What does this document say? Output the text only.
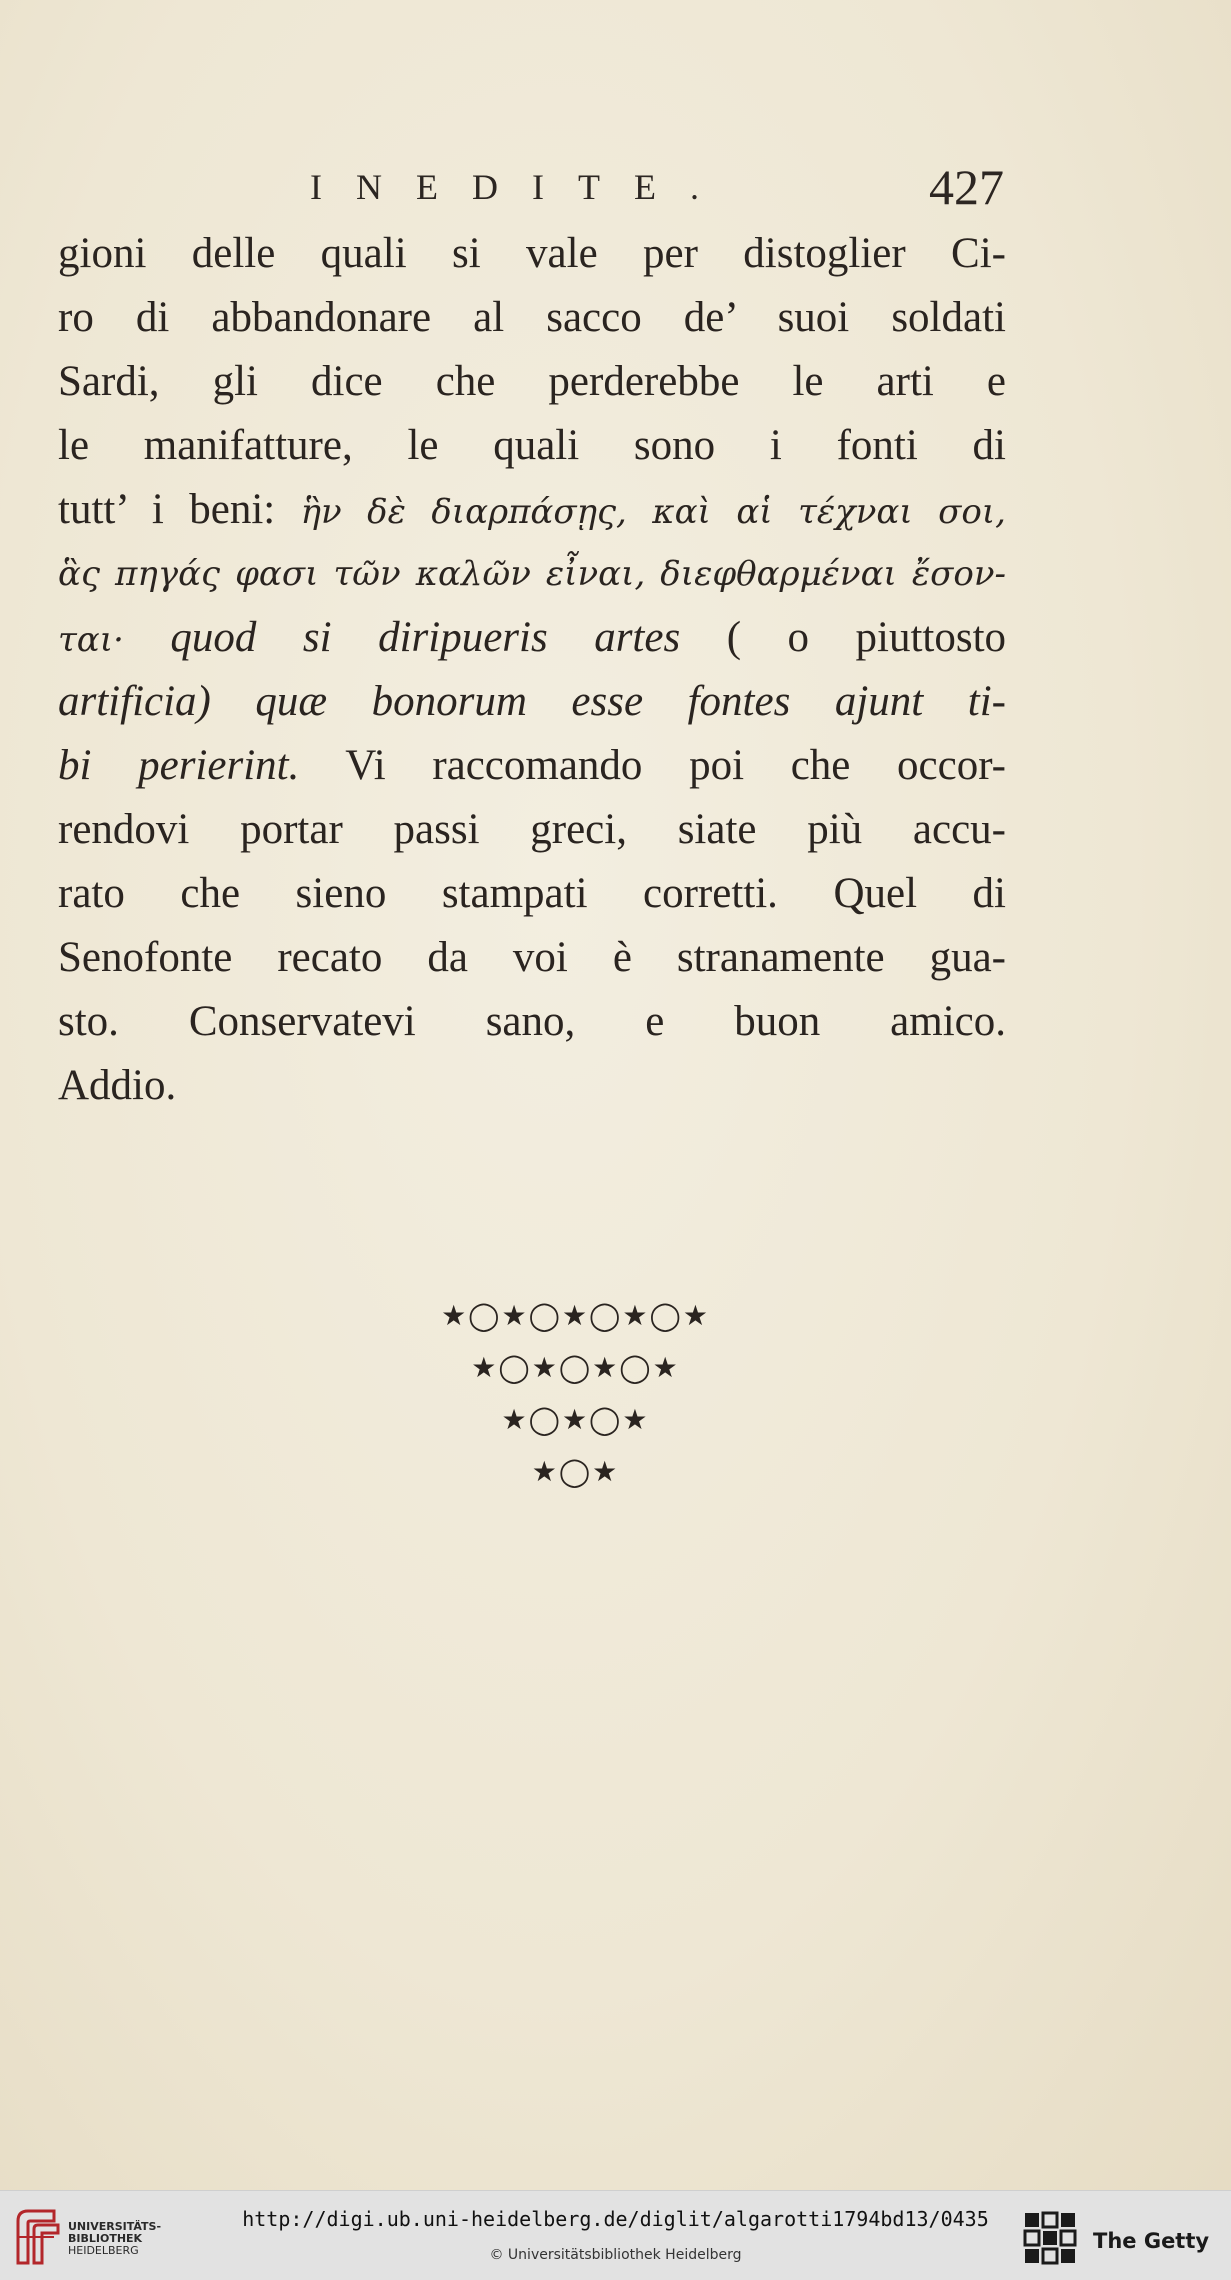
INEDITE.	427
gioni delle quali si vale per distoglier Ci-
ro di abbandonare al sacco de’ suoi soldati
Sardi, gli dice che perderebbe le arti e
le manifatture, le quali sono i fonti di
tutt’ i beni: ἣν δὲ διαρπάσῃς, καὶ αἱ τέχναι σοι,
ἃς πηγάς φασι τῶν καλῶν εἶναι, διεφθαρμέναι ἔσον-
ται· quod si diripueris artes ( o piuttosto
artificia) quæ bonorum esse fontes ajunt ti-
bi perierint. Vi raccomando poi che occor-
rendovi portar passi greci, siate più accu-
rato che sieno stampati corretti. Quel di
Senofonte recato da voi è stranamente gua-
sto. Conservatevi sano, e buon amico.
Addio.
★◯★◯★◯★◯★
★◯★◯★◯★
★◯★◯★
★◯★
UNIVERSITÄTS-
BIBLIOTHEK
HEIDELBERG
http://digi.ub.uni-heidelberg.de/diglit/algarotti1794bd13/0435
© Universitätsbibliothek Heidelberg
The Getty
